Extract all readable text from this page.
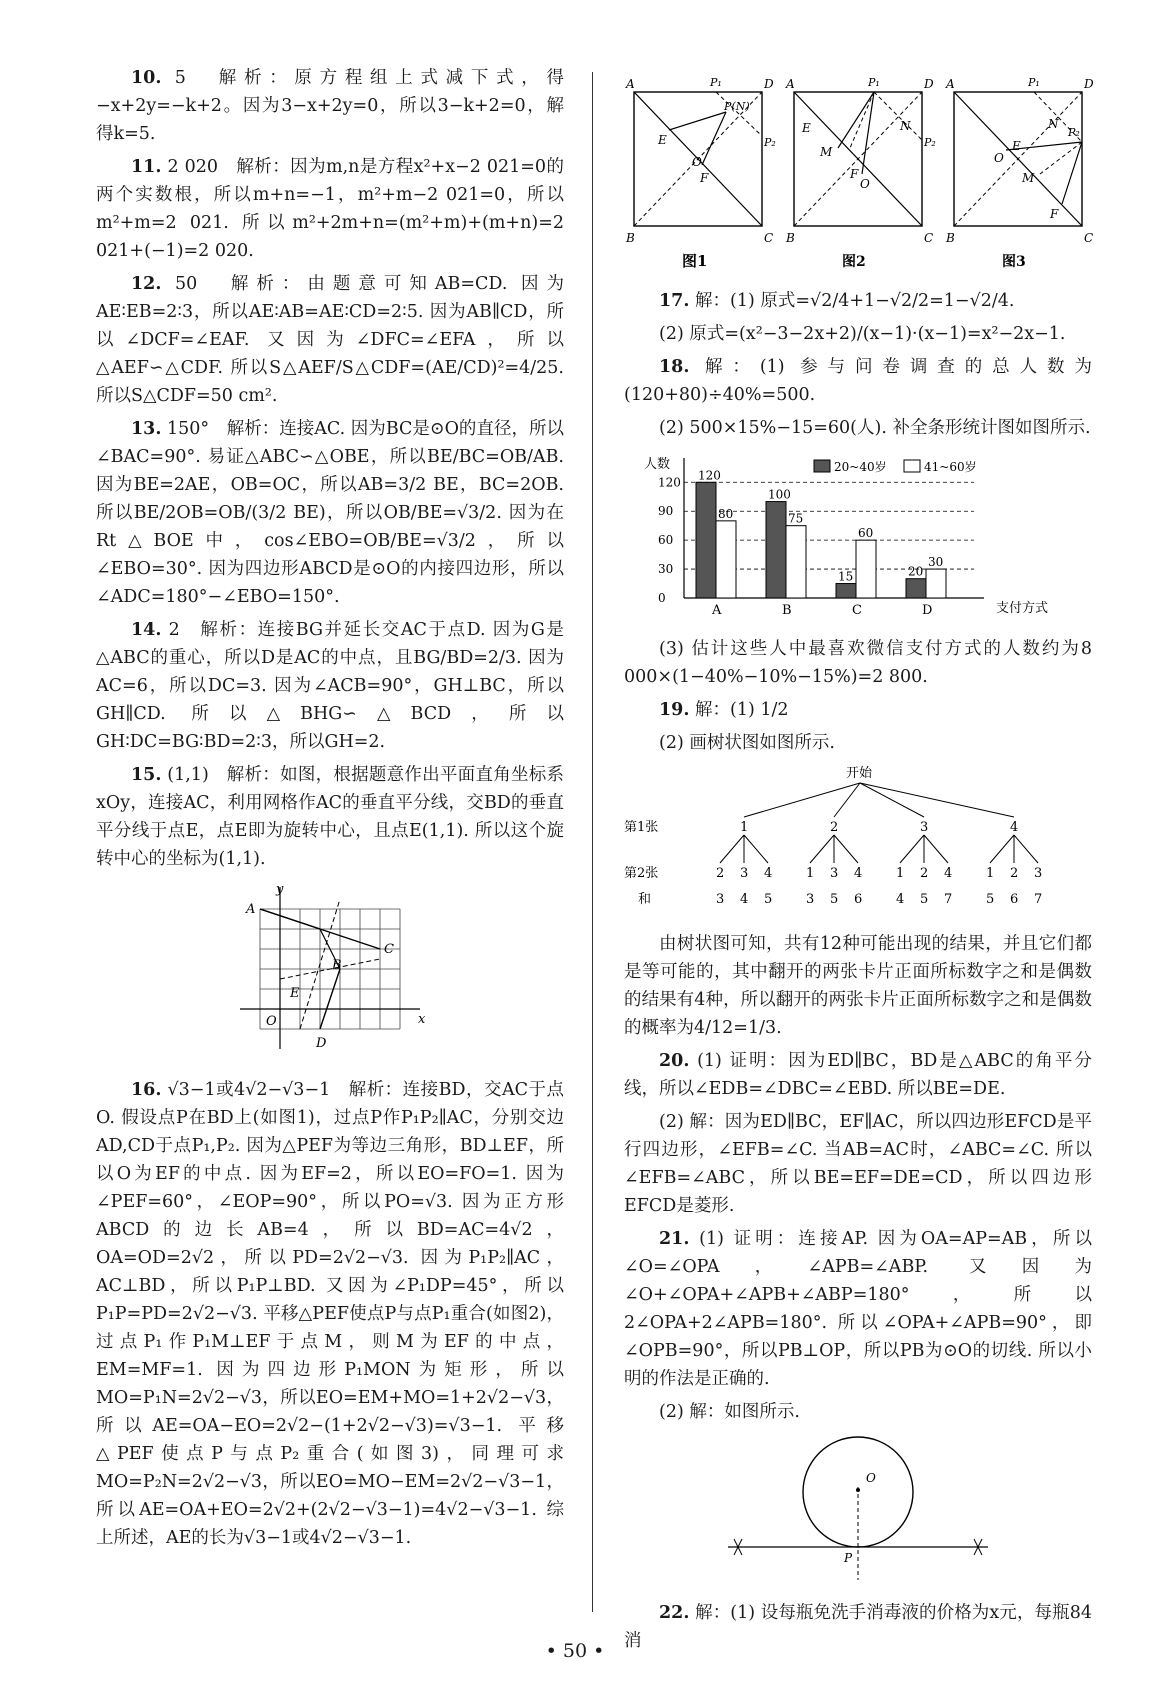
10. 5　解析：原方程组上式减下式，得−x+2y=−k+2。因为3−x+2y=0，所以3−k+2=0，解得k=5.

11. 2 020　解析：因为m,n是方程x²+x−2 021=0的两个实数根，所以m+n=−1，m²+m−2 021=0，所以m²+m=2 021. 所以m²+2m+n=(m²+m)+(m+n)=2 021+(−1)=2 020.

12. 50　解析：由题意可知AB=CD. 因为AE∶EB=2∶3，所以AE∶AB=AE∶CD=2∶5. 因为AB∥CD，所以∠DCF=∠EAF. 又因为∠DFC=∠EFA，所以△AEF∽△CDF. 所以S△AEF/S△CDF=(AE/CD)²=4/25. 所以S△CDF=50 cm².

13. 150°　解析：连接AC. 因为BC是⊙O的直径，所以∠BAC=90°. 易证△ABC∽△OBE，所以BE/BC=OB/AB. 因为BE=2AE，OB=OC，所以AB=3/2 BE，BC=2OB. 所以BE/2OB=OB/(3/2 BE)，所以OB/BE=√3/2. 因为在Rt△BOE中，cos∠EBO=OB/BE=√3/2，所以∠EBO=30°. 因为四边形ABCD是⊙O的内接四边形，所以∠ADC=180°−∠EBO=150°.

14. 2　解析：连接BG并延长交AC于点D. 因为G是△ABC的重心，所以D是AC的中点，且BG/BD=2/3. 因为AC=6，所以DC=3. 因为∠ACB=90°，GH⊥BC，所以GH∥CD. 所以△BHG∽△BCD，所以GH∶DC=BG∶BD=2∶3，所以GH=2.

15. (1,1)　解析：如图，根据题意作出平面直角坐标系xOy，连接AC，利用网格作AC的垂直平分线，交BD的垂直平分线于点E，点E即为旋转中心，且点E(1,1). 所以这个旋转中心的坐标为(1,1).

y
x
O
A
B
C
D
E

16. √3−1或4√2−√3−1　解析：连接BD，交AC于点O. 假设点P在BD上(如图1)，过点P作P₁P₂∥AC，分别交边AD,CD于点P₁,P₂. 因为△PEF为等边三角形，BD⊥EF，所以O为EF的中点. 因为EF=2，所以EO=FO=1. 因为∠PEF=60°，∠EOP=90°，所以PO=√3. 因为正方形ABCD的边长AB=4，所以BD=AC=4√2，OA=OD=2√2，所以PD=2√2−√3. 因为P₁P₂∥AC，AC⊥BD，所以P₁P⊥BD. 又因为∠P₁DP=45°，所以P₁P=PD=2√2−√3. 平移△PEF使点P与点P₁重合(如图2)，过点P₁作P₁M⊥EF于点M，则M为EF的中点，EM=MF=1. 因为四边形P₁MON为矩形，所以MO=P₁N=2√2−√3，所以EO=EM+MO=1+2√2−√3，所以AE=OA−EO=2√2−(1+2√2−√3)=√3−1. 平移△PEF使点P与点P₂重合(如图3)，同理可求MO=P₂N=2√2−√3，所以EO=MO−EM=2√2−√3−1，所以AE=OA+EO=2√2+(2√2−√3−1)=4√2−√3−1. 综上所述，AE的长为√3−1或4√2−√3−1.

A	D
B	C
P₁
P(N)
P₂
E
O
F
A	D
B	C
P₁
P₂
N
E
M
F
O
A	D
B	C
P₁
P₂
N
O
M
F
E
图1	图2	图3

17. 解：(1) 原式=√2/4+1−√2/2=1−√2/4.

(2) 原式=(x²−3−2x+2)/(x−1)·(x−1)=x²−2x−1.

18. 解：(1) 参与问卷调查的总人数为(120+80)÷40%=500.

(2) 500×15%−15=60(人). 补全条形统计图如图所示.

人数
支付方式
20~40岁	41~60岁
0
30
60
90
120 120
80
A
100
75
B
15
60
C
20
30
D

(3) 估计这些人中最喜欢微信支付方式的人数约为8 000×(1−40%−10%−15%)=2 800.

19. 解：(1) 1/2

(2) 画树状图如图所示.

开始
第1张
第2张
和
1
2
3
3
4
4
5
2
1
3
3
5
4
6
3
1
4
2
5
4
7
4
1
5
2
6
3
7

由树状图可知，共有12种可能出现的结果，并且它们都是等可能的，其中翻开的两张卡片正面所标数字之和是偶数的结果有4种，所以翻开的两张卡片正面所标数字之和是偶数的概率为4/12=1/3.

20. (1) 证明：因为ED∥BC，BD是△ABC的角平分线，所以∠EDB=∠DBC=∠EBD. 所以BE=DE.

(2) 解：因为ED∥BC，EF∥AC，所以四边形EFCD是平行四边形，∠EFB=∠C. 当AB=AC时，∠ABC=∠C. 所以∠EFB=∠ABC，所以BE=EF=DE=CD，所以四边形EFCD是菱形.

21. (1) 证明：连接AP. 因为OA=AP=AB，所以∠O=∠OPA，∠APB=∠ABP. 又因为∠O+∠OPA+∠APB+∠ABP=180°，所以2∠OPA+2∠APB=180°. 所以∠OPA+∠APB=90°，即∠OPB=90°，所以PB⊥OP，所以PB为⊙O的切线. 所以小明的作法是正确的.

(2) 解：如图所示.

O
P

22. 解：(1) 设每瓶免洗手消毒液的价格为x元，每瓶84消

• 50 •
